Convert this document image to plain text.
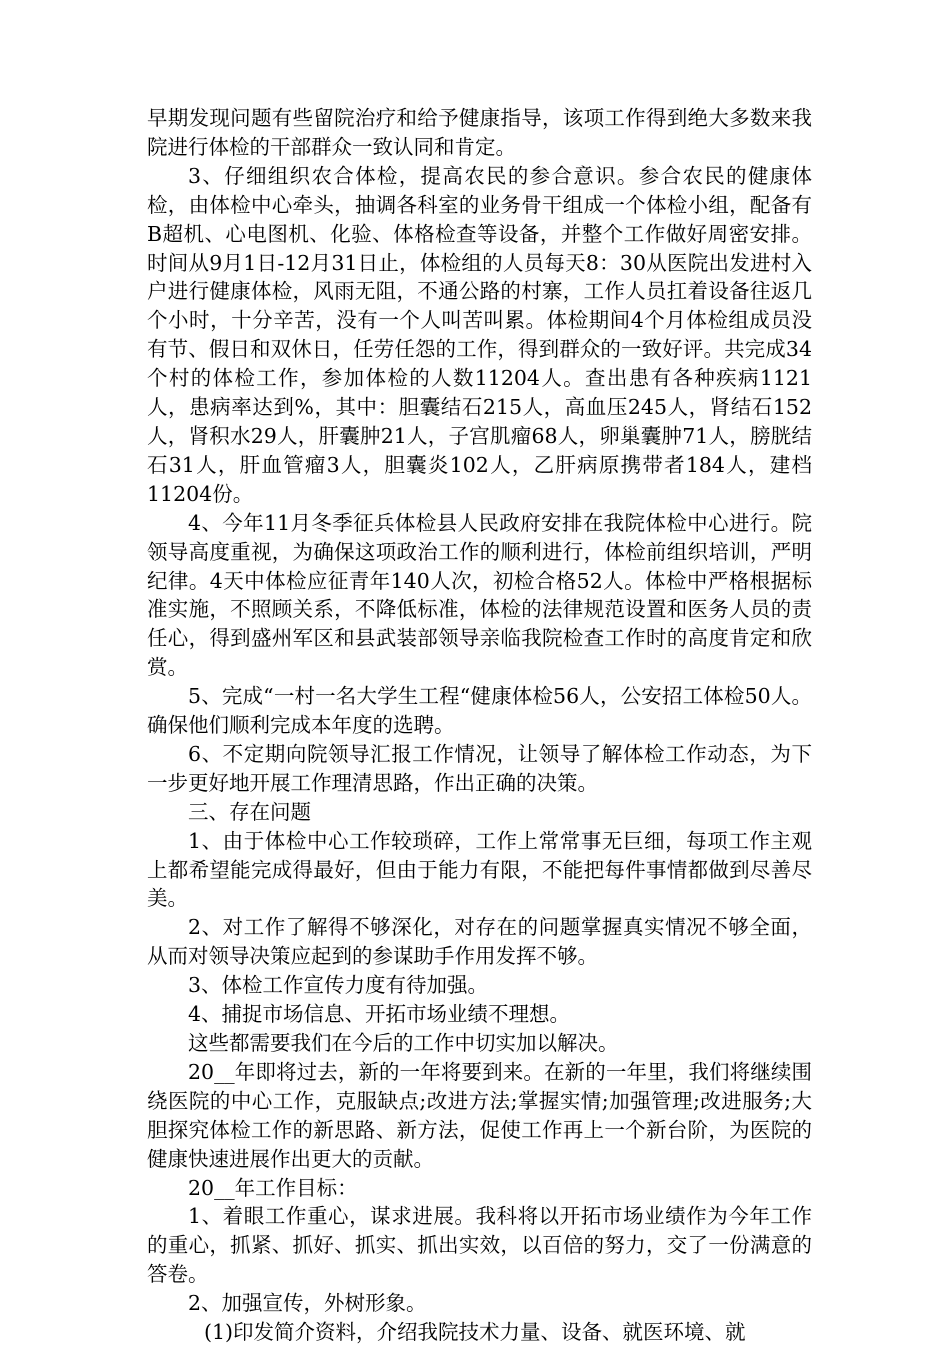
早期发现问题有些留院治疗和给予健康指导，该项工作得到绝大多数来我院进行体检的干部群众一致认同和肯定。

3、仔细组织农合体检，提高农民的参合意识。参合农民的健康体检，由体检中心牵头，抽调各科室的业务骨干组成一个体检小组，配备有B超机、心电图机、化验、体格检查等设备，并整个工作做好周密安排。时间从9月1日-12月31日止，体检组的人员每天8：30从医院出发进村入户进行健康体检，风雨无阻，不通公路的村寨，工作人员扛着设备往返几个小时，十分辛苦，没有一个人叫苦叫累。体检期间4个月体检组成员没有节、假日和双休日，任劳任怨的工作，得到群众的一致好评。共完成34个村的体检工作，参加体检的人数11204人。查出患有各种疾病1121人，患病率达到%，其中：胆囊结石215人，高血压245人，肾结石152人，肾积水29人，肝囊肿21人，子宫肌瘤68人，卵巢囊肿71人，膀胱结石31人，肝血管瘤3人，胆囊炎102人，乙肝病原携带者184人，建档11204份。

4、今年11月冬季征兵体检县人民政府安排在我院体检中心进行。院领导高度重视，为确保这项政治工作的顺利进行，体检前组织培训，严明纪律。4天中体检应征青年140人次，初检合格52人。体检中严格根据标准实施，不照顾关系，不降低标准，体检的法律规范设置和医务人员的责任心，得到盛州军区和县武装部领导亲临我院检查工作时的高度肯定和欣赏。

5、完成“一村一名大学生工程“健康体检56人，公安招工体检50人。确保他们顺利完成本年度的选聘。

6、不定期向院领导汇报工作情况，让领导了解体检工作动态，为下一步更好地开展工作理清思路，作出正确的决策。

三、存在问题

1、由于体检中心工作较琐碎，工作上常常事无巨细，每项工作主观上都希望能完成得最好，但由于能力有限，不能把每件事情都做到尽善尽美。

2、对工作了解得不够深化，对存在的问题掌握真实情况不够全面，从而对领导决策应起到的参谋助手作用发挥不够。

3、体检工作宣传力度有待加强。

4、捕捉市场信息、开拓市场业绩不理想。

这些都需要我们在今后的工作中切实加以解决。

20__年即将过去，新的一年将要到来。在新的一年里，我们将继续围绕医院的中心工作，克服缺点;改进方法;掌握实情;加强管理;改进服务;大胆探究体检工作的新思路、新方法，促使工作再上一个新台阶，为医院的健康快速进展作出更大的贡献。

20__年工作目标：

1、着眼工作重心，谋求进展。我科将以开拓市场业绩作为今年工作的重心，抓紧、抓好、抓实、抓出实效，以百倍的努力，交了一份满意的答卷。

2、加强宣传，外树形象。

(1)印发简介资料，介绍我院技术力量、设备、就医环境、就
